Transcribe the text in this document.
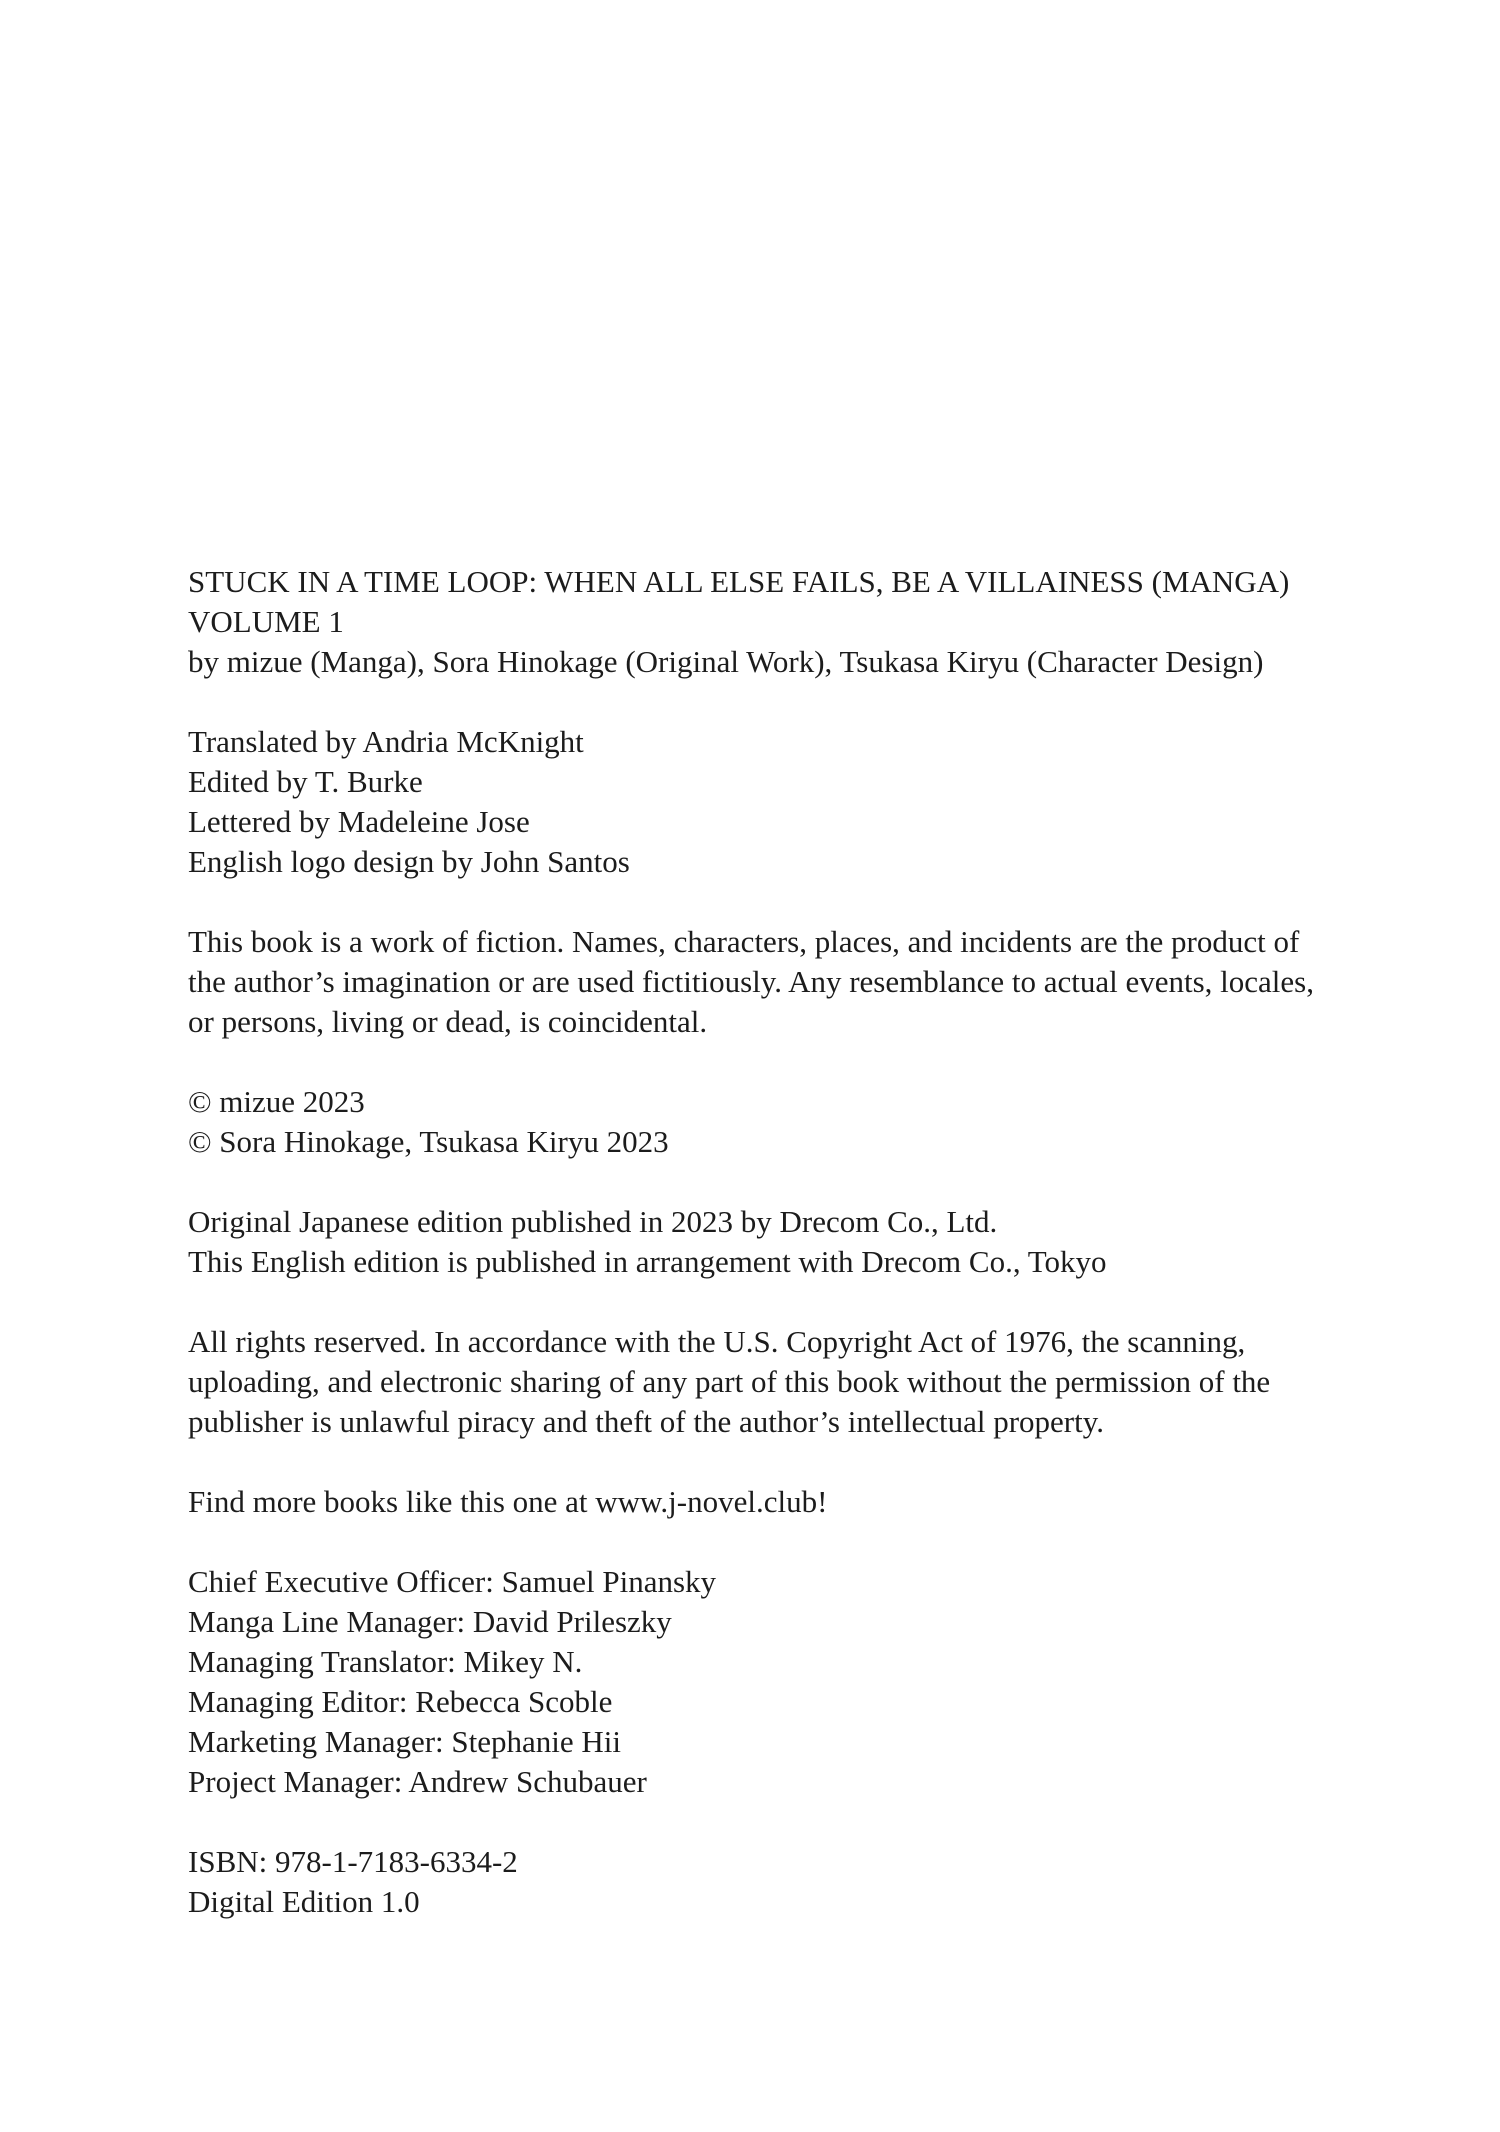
STUCK IN A TIME LOOP: WHEN ALL ELSE FAILS, BE A VILLAINESS (MANGA)
VOLUME 1
by mizue (Manga), Sora Hinokage (Original Work), Tsukasa Kiryu (Character Design)
Translated by Andria McKnight
Edited by T. Burke
Lettered by Madeleine Jose
English logo design by John Santos
This book is a work of fiction. Names, characters, places, and incidents are the product of
the author’s imagination or are used fictitiously. Any resemblance to actual events, locales,
or persons, living or dead, is coincidental.
© mizue 2023
© Sora Hinokage, Tsukasa Kiryu 2023
Original Japanese edition published in 2023 by Drecom Co., Ltd.
This English edition is published in arrangement with Drecom Co., Tokyo
All rights reserved. In accordance with the U.S. Copyright Act of 1976, the scanning,
uploading, and electronic sharing of any part of this book without the permission of the
publisher is unlawful piracy and theft of the author’s intellectual property.
Find more books like this one at www.j-novel.club!
Chief Executive Officer: Samuel Pinansky
Manga Line Manager: David Prileszky
Managing Translator: Mikey N.
Managing Editor: Rebecca Scoble
Marketing Manager: Stephanie Hii
Project Manager: Andrew Schubauer
ISBN: 978-1-7183-6334-2
Digital Edition 1.0
